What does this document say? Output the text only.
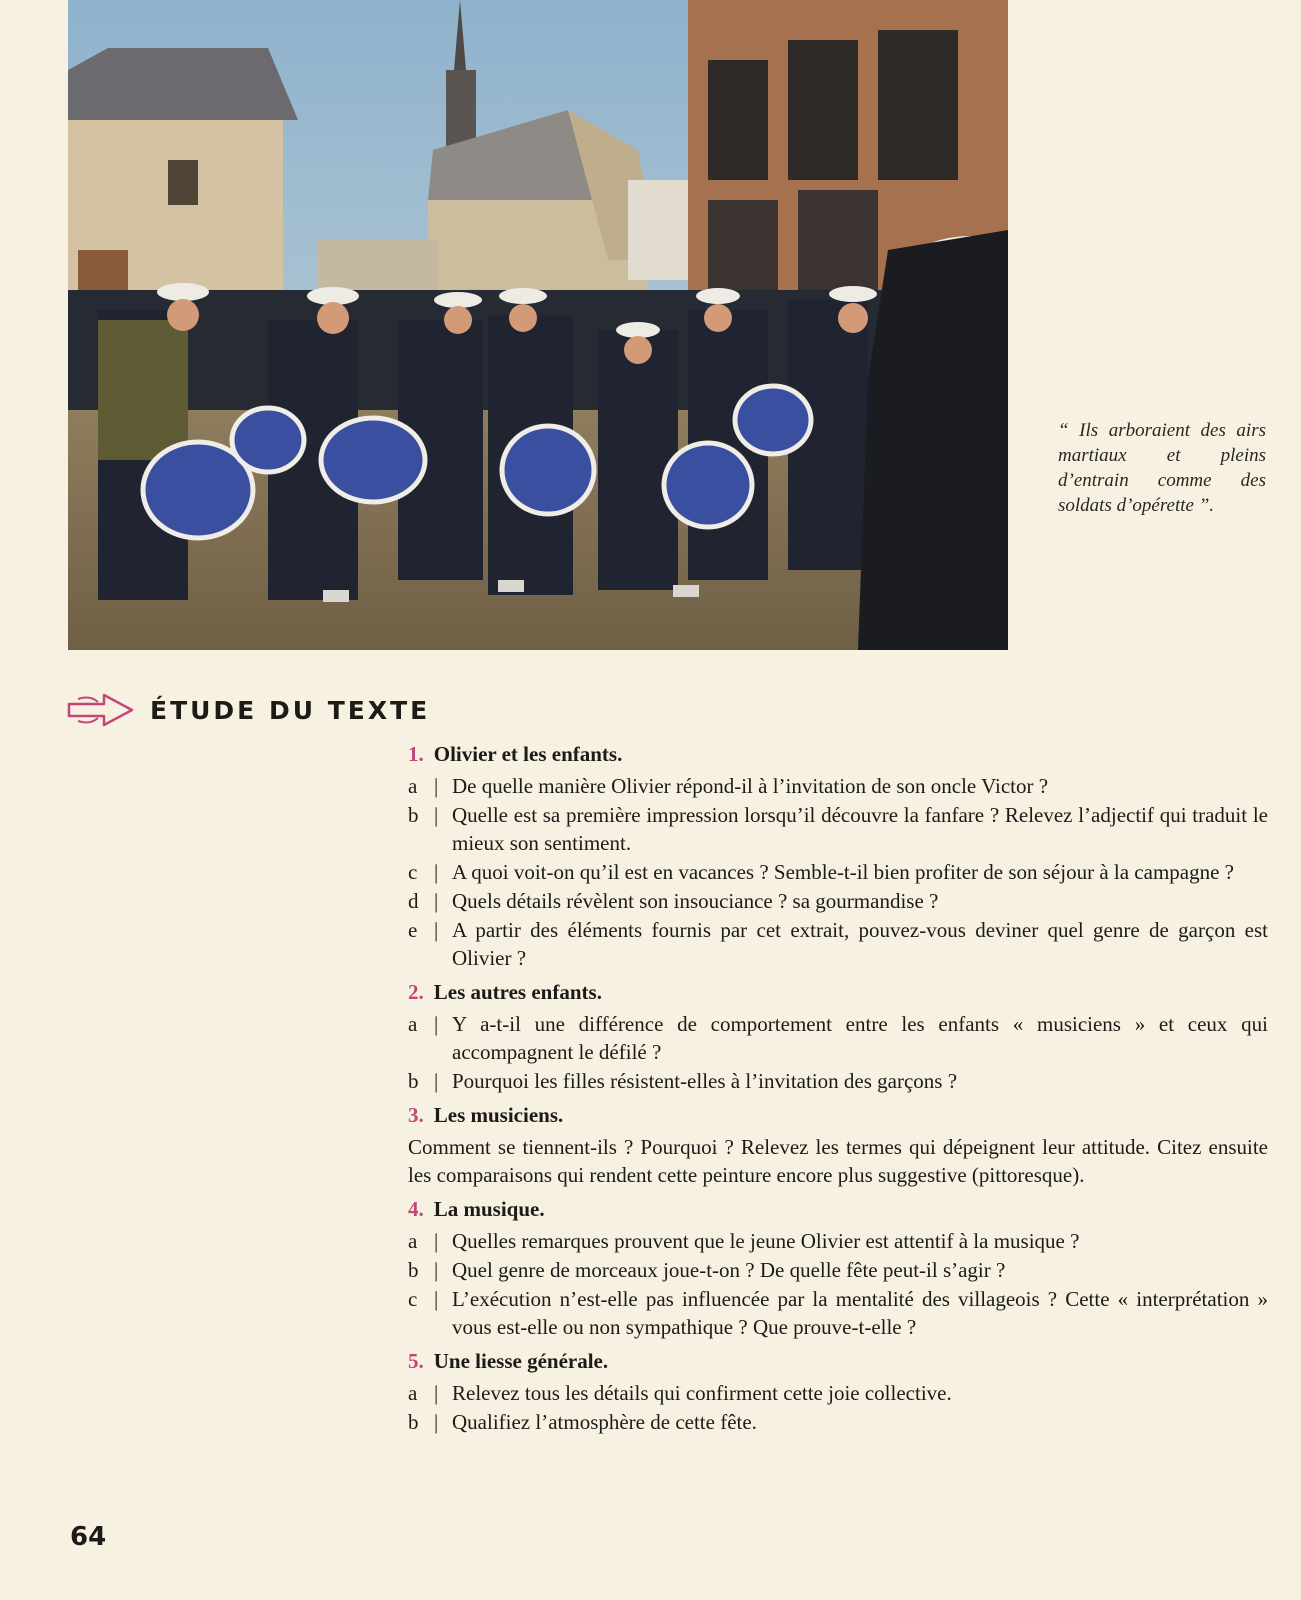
“ Ils arboraient des airs martiaux et pleins d’entrain comme des soldats d’opérette ”.
ÉTUDE DU TEXTE
1. Olivier et les enfants.
a | De quelle manière Olivier répond-il à l’invitation de son oncle Victor ?
b | Quelle est sa première impression lorsqu’il découvre la fanfare ? Relevez l’adjectif qui traduit le mieux son sentiment.
c | A quoi voit-on qu’il est en vacances ? Semble-t-il bien profiter de son séjour à la campagne ?
d | Quels détails révèlent son insouciance ? sa gourmandise ?
e | A partir des éléments fournis par cet extrait, pouvez-vous deviner quel genre de garçon est Olivier ?
2. Les autres enfants.
a | Y a-t-il une différence de comportement entre les enfants « musiciens » et ceux qui accompagnent le défilé ?
b | Pourquoi les filles résistent-elles à l’invitation des garçons ?
3. Les musiciens.
Comment se tiennent-ils ? Pourquoi ? Relevez les termes qui dépeignent leur attitude. Citez ensuite les comparaisons qui rendent cette peinture encore plus suggestive (pittoresque).
4. La musique.
a | Quelles remarques prouvent que le jeune Olivier est attentif à la musique ?
b | Quel genre de morceaux joue-t-on ? De quelle fête peut-il s’agir ?
c | L’exécution n’est-elle pas influencée par la mentalité des villageois ? Cette « interprétation » vous est-elle ou non sympathique ? Que prouve-t-elle ?
5. Une liesse générale.
a | Relevez tous les détails qui confirment cette joie collective.
b | Qualifiez l’atmosphère de cette fête.
64
